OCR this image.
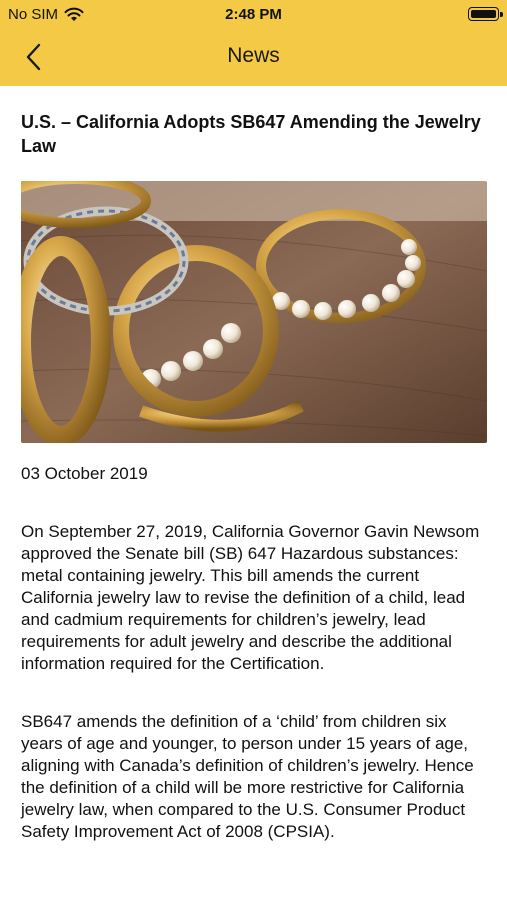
No SIM	2:48 PM
News
U.S. – California Adopts SB647 Amending the Jewelry Law
03 October 2019

On September 27, 2019, California Governor Gavin Newsom approved the Senate bill (SB) 647 Hazardous substances: metal containing jewelry. This bill amends the current California jewelry law to revise the definition of a child, lead and cadmium requirements for children’s jewelry, lead requirements for adult jewelry and describe the additional information required for the Certification.

SB647 amends the definition of a ‘child’ from children six years of age and younger, to person under 15 years of age, aligning with Canada’s definition of children’s jewelry. Hence the definition of a child will be more restrictive for California jewelry law, when compared to the U.S. Consumer Product Safety Improvement Act of 2008 (CPSIA).
